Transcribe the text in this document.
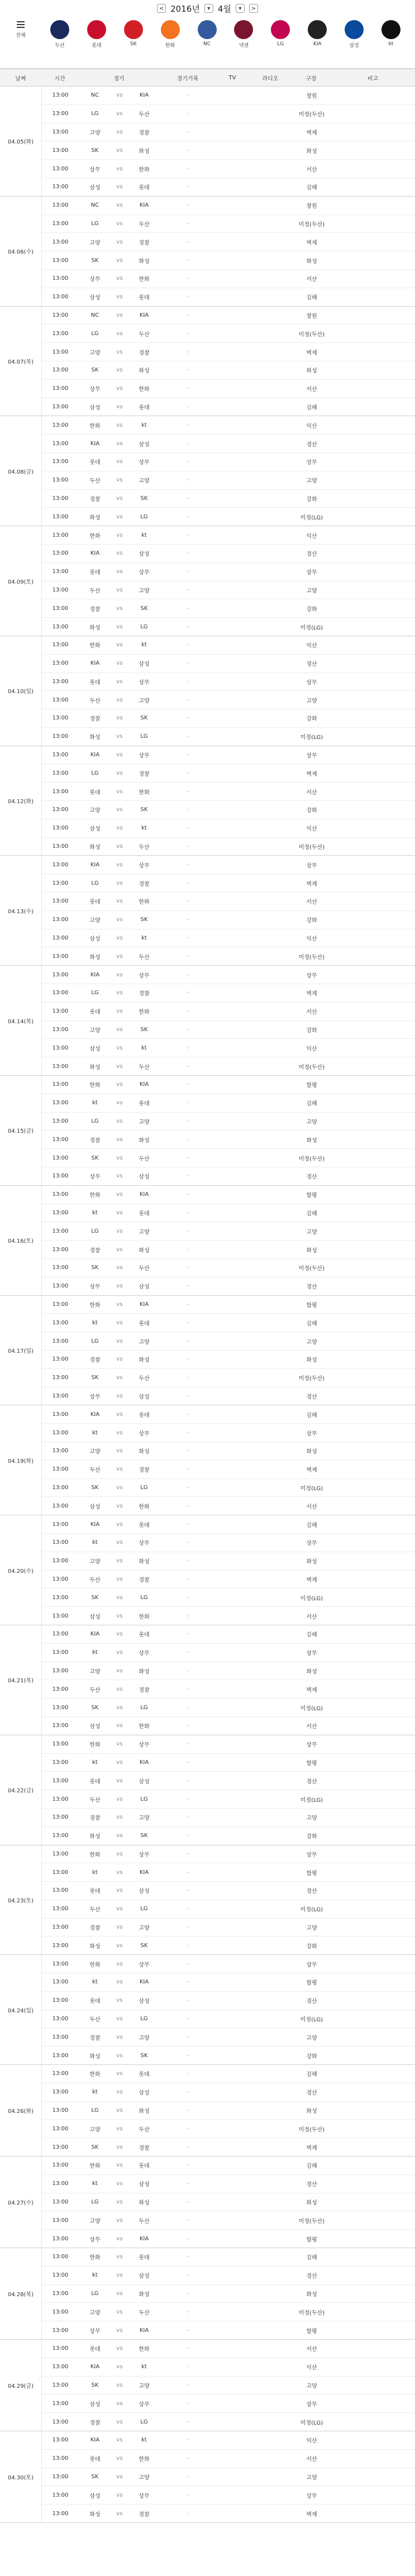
< 2016년	▾ 4월	▾	>
전체
두산	롯데	SK	한화	NC	넥센	LG	KIA	삼성	kt
날짜	시간	경기	경기기록	TV	라디오	구장	비고
04.05(화)
13:00	NC	vs	KIA	-	창원
13:00	LG	vs	두산	-	미정(두산)
13:00	고양	vs	경찰	-	벽제
13:00	SK	vs	화성	-	화성
13:00	상무	vs	한화	-	서산
13:00	삼성	vs	롯데	-	김해
04.06(수)
13:00	NC	vs	KIA	-	창원
13:00	LG	vs	두산	-	미정(두산)
13:00	고양	vs	경찰	-	벽제
13:00	SK	vs	화성	-	화성
13:00	상무	vs	한화	-	서산
13:00	삼성	vs	롯데	-	김해
04.07(목)
13:00	NC	vs	KIA	-	창원
13:00	LG	vs	두산	-	미정(두산)
13:00	고양	vs	경찰	-	벽제
13:00	SK	vs	화성	-	화성
13:00	상무	vs	한화	-	서산
13:00	삼성	vs	롯데	-	김해
04.08(금)
13:00	한화	vs	kt	-	익산
13:00	KIA	vs	삼성	-	경산
13:00	롯데	vs	상무	-	상무
13:00	두산	vs	고양	-	고양
13:00	경찰	vs	SK	-	강화
13:00	화성	vs	LG	-	미정(LG)
04.09(토)
13:00	한화	vs	kt	-	익산
13:00	KIA	vs	삼성	-	경산
13:00	롯데	vs	상무	-	상무
13:00	두산	vs	고양	-	고양
13:00	경찰	vs	SK	-	강화
13:00	화성	vs	LG	-	미정(LG)
04.10(일)
13:00	한화	vs	kt	-	익산
13:00	KIA	vs	삼성	-	경산
13:00	롯데	vs	상무	-	상무
13:00	두산	vs	고양	-	고양
13:00	경찰	vs	SK	-	강화
13:00	화성	vs	LG	-	미정(LG)
04.12(화)
13:00	KIA	vs	상무	-	상무
13:00	LG	vs	경찰	-	벽제
13:00	롯데	vs	한화	-	서산
13:00	고양	vs	SK	-	강화
13:00	삼성	vs	kt	-	익산
13:00	화성	vs	두산	-	미정(두산)
04.13(수)
13:00	KIA	vs	상무	-	상무
13:00	LG	vs	경찰	-	벽제
13:00	롯데	vs	한화	-	서산
13:00	고양	vs	SK	-	강화
13:00	삼성	vs	kt	-	익산
13:00	화성	vs	두산	-	미정(두산)
04.14(목)
13:00	KIA	vs	상무	-	상무
13:00	LG	vs	경찰	-	벽제
13:00	롯데	vs	한화	-	서산
13:00	고양	vs	SK	-	강화
13:00	삼성	vs	kt	-	익산
13:00	화성	vs	두산	-	미정(두산)
04.15(금)
13:00	한화	vs	KIA	-	함평
13:00	kt	vs	롯데	-	김해
13:00	LG	vs	고양	-	고양
13:00	경찰	vs	화성	-	화성
13:00	SK	vs	두산	-	미정(두산)
13:00	상무	vs	삼성	-	경산
04.16(토)
13:00	한화	vs	KIA	-	함평
13:00	kt	vs	롯데	-	김해
13:00	LG	vs	고양	-	고양
13:00	경찰	vs	화성	-	화성
13:00	SK	vs	두산	-	미정(두산)
13:00	상무	vs	삼성	-	경산
04.17(일)
13:00	한화	vs	KIA	-	함평
13:00	kt	vs	롯데	-	김해
13:00	LG	vs	고양	-	고양
13:00	경찰	vs	화성	-	화성
13:00	SK	vs	두산	-	미정(두산)
13:00	상무	vs	삼성	-	경산
04.19(화)
13:00	KIA	vs	롯데	-	김해
13:00	kt	vs	상무	-	상무
13:00	고양	vs	화성	-	화성
13:00	두산	vs	경찰	-	벽제
13:00	SK	vs	LG	-	미정(LG)
13:00	삼성	vs	한화	-	서산
04.20(수)
13:00	KIA	vs	롯데	-	김해
13:00	kt	vs	상무	-	상무
13:00	고양	vs	화성	-	화성
13:00	두산	vs	경찰	-	벽제
13:00	SK	vs	LG	-	미정(LG)
13:00	삼성	vs	한화	-	서산
04.21(목)
13:00	KIA	vs	롯데	-	김해
13:00	kt	vs	상무	-	상무
13:00	고양	vs	화성	-	화성
13:00	두산	vs	경찰	-	벽제
13:00	SK	vs	LG	-	미정(LG)
13:00	삼성	vs	한화	-	서산
04.22(금)
13:00	한화	vs	상무	-	상무
13:00	kt	vs	KIA	-	함평
13:00	롯데	vs	삼성	-	경산
13:00	두산	vs	LG	-	미정(LG)
13:00	경찰	vs	고양	-	고양
13:00	화성	vs	SK	-	강화
04.23(토)
13:00	한화	vs	상무	-	상무
13:00	kt	vs	KIA	-	함평
13:00	롯데	vs	삼성	-	경산
13:00	두산	vs	LG	-	미정(LG)
13:00	경찰	vs	고양	-	고양
13:00	화성	vs	SK	-	강화
04.24(일)
13:00	한화	vs	상무	-	상무
13:00	kt	vs	KIA	-	함평
13:00	롯데	vs	삼성	-	경산
13:00	두산	vs	LG	-	미정(LG)
13:00	경찰	vs	고양	-	고양
13:00	화성	vs	SK	-	강화
04.26(화)
13:00	한화	vs	롯데	-	김해
13:00	kt	vs	삼성	-	경산
13:00	LG	vs	화성	-	화성
13:00	고양	vs	두산	-	미정(두산)
13:00	SK	vs	경찰	-	벽제
04.27(수)
13:00	한화	vs	롯데	-	김해
13:00	kt	vs	삼성	-	경산
13:00	LG	vs	화성	-	화성
13:00	고양	vs	두산	-	미정(두산)
13:00	상무	vs	KIA	-	함평
04.28(목)
13:00	한화	vs	롯데	-	김해
13:00	kt	vs	삼성	-	경산
13:00	LG	vs	화성	-	화성
13:00	고양	vs	두산	-	미정(두산)
13:00	상무	vs	KIA	-	함평
04.29(금)
13:00	롯데	vs	한화	-	서산
13:00	KIA	vs	kt	-	익산
13:00	SK	vs	고양	-	고양
13:00	삼성	vs	상무	-	상무
13:00	경찰	vs	LG	-	미정(LG)
04.30(토)
13:00	KIA	vs	kt	-	익산
13:00	롯데	vs	한화	-	서산
13:00	SK	vs	고양	-	고양
13:00	삼성	vs	상무	-	상무
13:00	화성	vs	경찰	-	벽제
